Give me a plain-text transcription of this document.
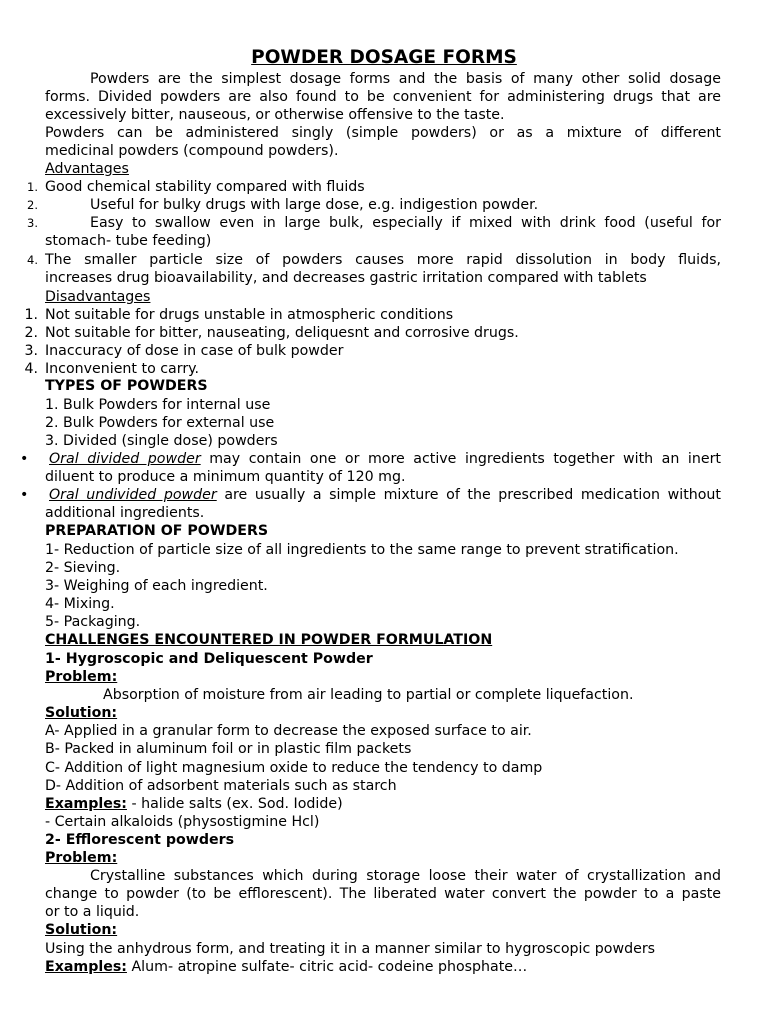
POWDER DOSAGE FORMS
Powders are the simplest dosage forms and the basis of many other solid dosage
forms. Divided powders are also found to be convenient for administering drugs that are
excessively bitter, nauseous, or otherwise offensive to the taste.
Powders can be administered singly (simple powders) or as a mixture of different
medicinal powders (compound powders).
Advantages
1. Good chemical stability compared with fluids
2.	Useful for bulky drugs with large dose, e.g. indigestion powder.
3.	Easy to swallow even in large bulk, especially if mixed with drink food (useful for
stomach- tube feeding)
4. The smaller particle size of powders causes more rapid dissolution in body fluids,
increases drug bioavailability, and decreases gastric irritation compared with tablets
Disadvantages
1. Not suitable for drugs unstable in atmospheric conditions
2. Not suitable for bitter, nauseating, deliquesnt and corrosive drugs.
3. Inaccuracy of dose in case of bulk powder
4. Inconvenient to carry.
TYPES OF POWDERS
1. Bulk Powders for internal use
2. Bulk Powders for external use
3. Divided (single dose) powders
•	Oral divided powder may contain one or more active ingredients together with an inert
diluent to produce a minimum quantity of 120 mg.
•	Oral undivided powder are usually a simple mixture of the prescribed medication without
additional ingredients.
PREPARATION OF POWDERS
1- Reduction of particle size of all ingredients to the same range to prevent stratification.
2- Sieving.
3- Weighing of each ingredient.
4- Mixing.
5- Packaging.
CHALLENGES ENCOUNTERED IN POWDER FORMULATION
1- Hygroscopic and Deliquescent Powder
Problem:
Absorption of moisture from air leading to partial or complete liquefaction.
Solution:
A- Applied in a granular form to decrease the exposed surface to air.
B- Packed in aluminum foil or in plastic film packets
C- Addition of light magnesium oxide to reduce the tendency to damp
D- Addition of adsorbent materials such as starch
Examples: - halide salts (ex. Sod. Iodide)
- Certain alkaloids (physostigmine Hcl)
2- Efflorescent powders
Problem:
Crystalline substances which during storage loose their water of crystallization and
change to powder (to be efflorescent). The liberated water convert the powder to a paste
or to a liquid.
Solution:
Using the anhydrous form, and treating it in a manner similar to hygroscopic powders
Examples: Alum- atropine sulfate- citric acid- codeine phosphate…
